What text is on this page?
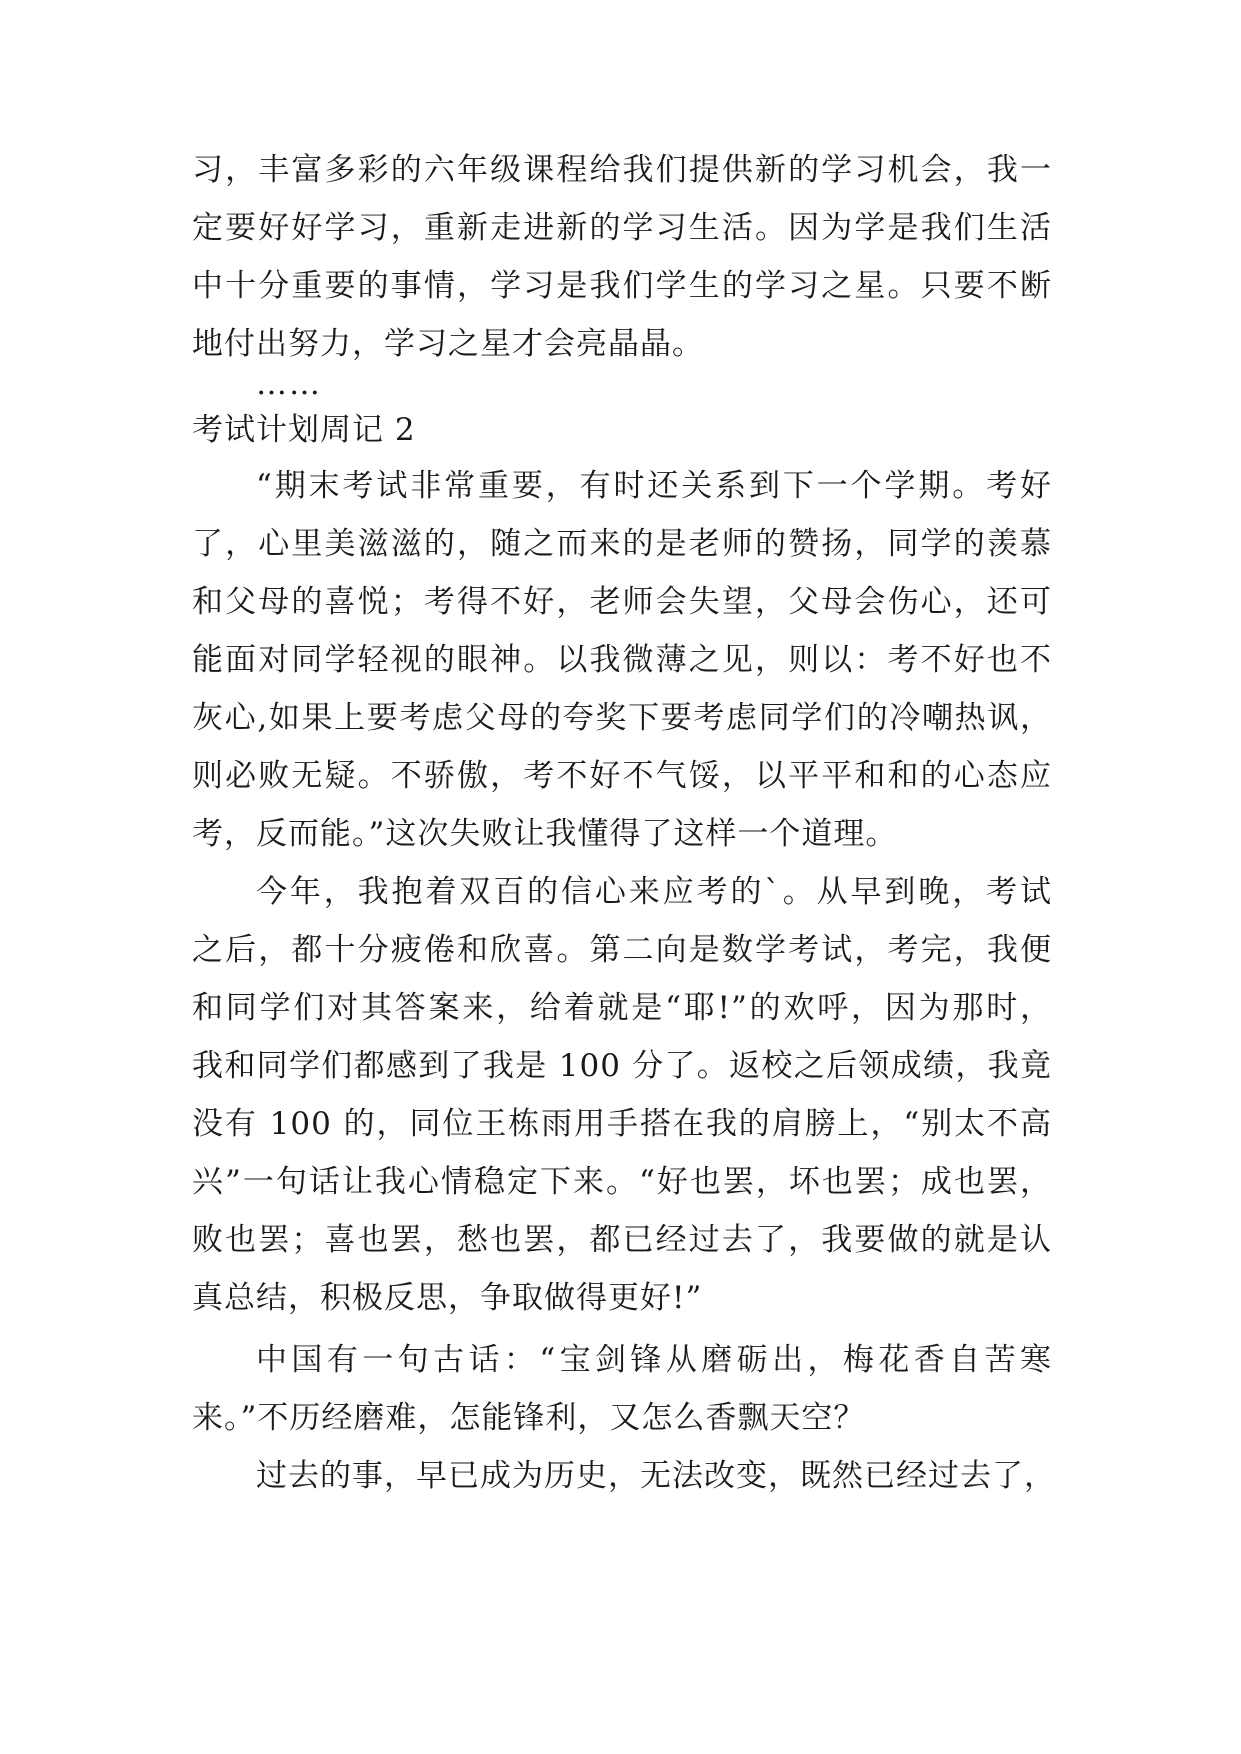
习，丰富多彩的六年级课程给我们提供新的学习机会，我一
定要好好学习，重新走进新的学习生活。因为学是我们生活
中十分重要的事情，学习是我们学生的学习之星。只要不断
地付出努力，学习之星才会亮晶晶。
……
考试计划周记 2
“期末考试非常重要，有时还关系到下一个学期。考好
了，心里美滋滋的，随之而来的是老师的赞扬，同学的羡慕
和父母的喜悦；考得不好，老师会失望，父母会伤心，还可
能面对同学轻视的眼神。以我微薄之见，则以：考不好也不
灰心,如果上要考虑父母的夸奖下要考虑同学们的冷嘲热讽，
则必败无疑。不骄傲，考不好不气馁，以平平和和的心态应
考，反而能。”这次失败让我懂得了这样一个道理。
今年，我抱着双百的信心来应考的`。从早到晚，考试
之后，都十分疲倦和欣喜。第二向是数学考试，考完，我便
和同学们对其答案来，给着就是“耶!”的欢呼，因为那时，
我和同学们都感到了我是 100 分了。返校之后领成绩，我竟
没有 100 的，同位王栋雨用手搭在我的肩膀上，“别太不高
兴”一句话让我心情稳定下来。“好也罢，坏也罢；成也罢，
败也罢；喜也罢，愁也罢，都已经过去了，我要做的就是认
真总结，积极反思，争取做得更好!”
中国有一句古话：“宝剑锋从磨砺出，梅花香自苦寒
来。”不历经磨难，怎能锋利，又怎么香飘天空？
过去的事，早已成为历史，无法改变，既然已经过去了，
